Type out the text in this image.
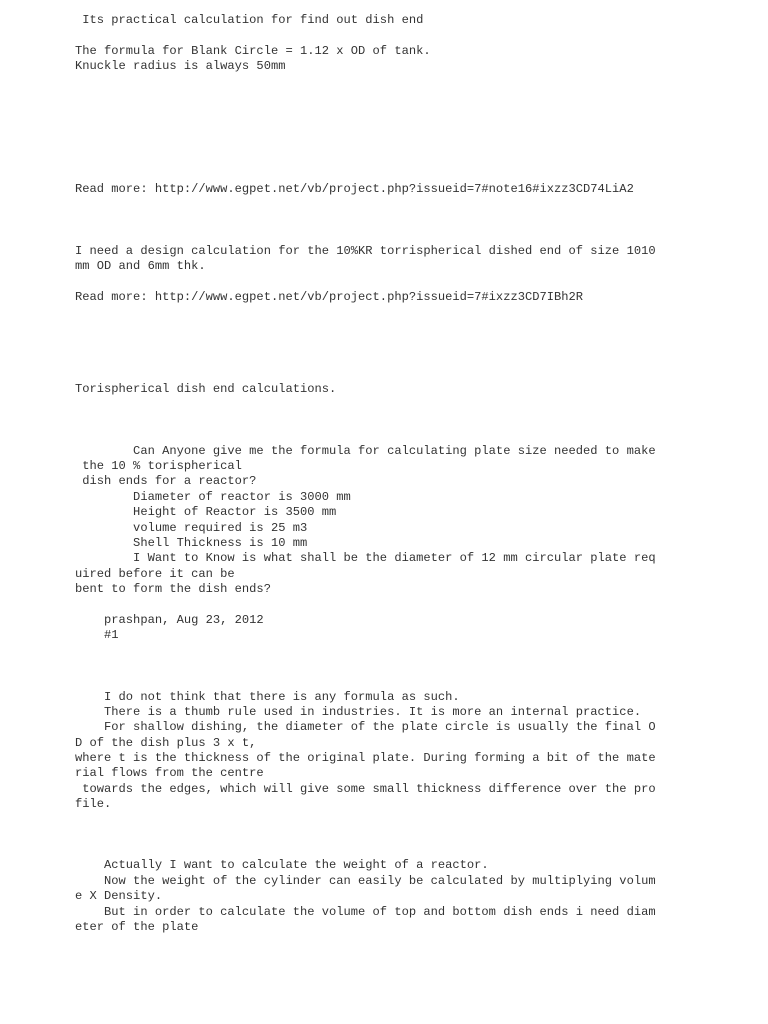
Its practical calculation for find out dish end

The formula for Blank Circle = 1.12 x OD of tank.

Knuckle radius is always 50mm

Read more: http://www.egpet.net/vb/project.php?issueid=7#note16#ixzz3CD74LiA2

I need a design calculation for the 10%KR torrispherical dished end of size 1010

mm OD and 6mm thk.

Read more: http://www.egpet.net/vb/project.php?issueid=7#ixzz3CD7IBh2R

Torispherical dish end calculations.

Can Anyone give me the formula for calculating plate size needed to make

the 10 % torispherical

dish ends for a reactor?

Diameter of reactor is 3000 mm

Height of Reactor is 3500 mm

volume required is 25 m3

Shell Thickness is 10 mm

I Want to Know is what shall be the diameter of 12 mm circular plate req

uired before it can be

bent to form the dish ends?

prashpan, Aug 23, 2012

#1

I do not think that there is any formula as such.

There is a thumb rule used in industries. It is more an internal practice.

For shallow dishing, the diameter of the plate circle is usually the final O

D of the dish plus 3 x t,

where t is the thickness of the original plate. During forming a bit of the mate

rial flows from the centre

towards the edges, which will give some small thickness difference over the pro

file.

Actually I want to calculate the weight of a reactor.

Now the weight of the cylinder can easily be calculated by multiplying volum

e X Density.

But in order to calculate the volume of top and bottom dish ends i need diam

eter of the plate
